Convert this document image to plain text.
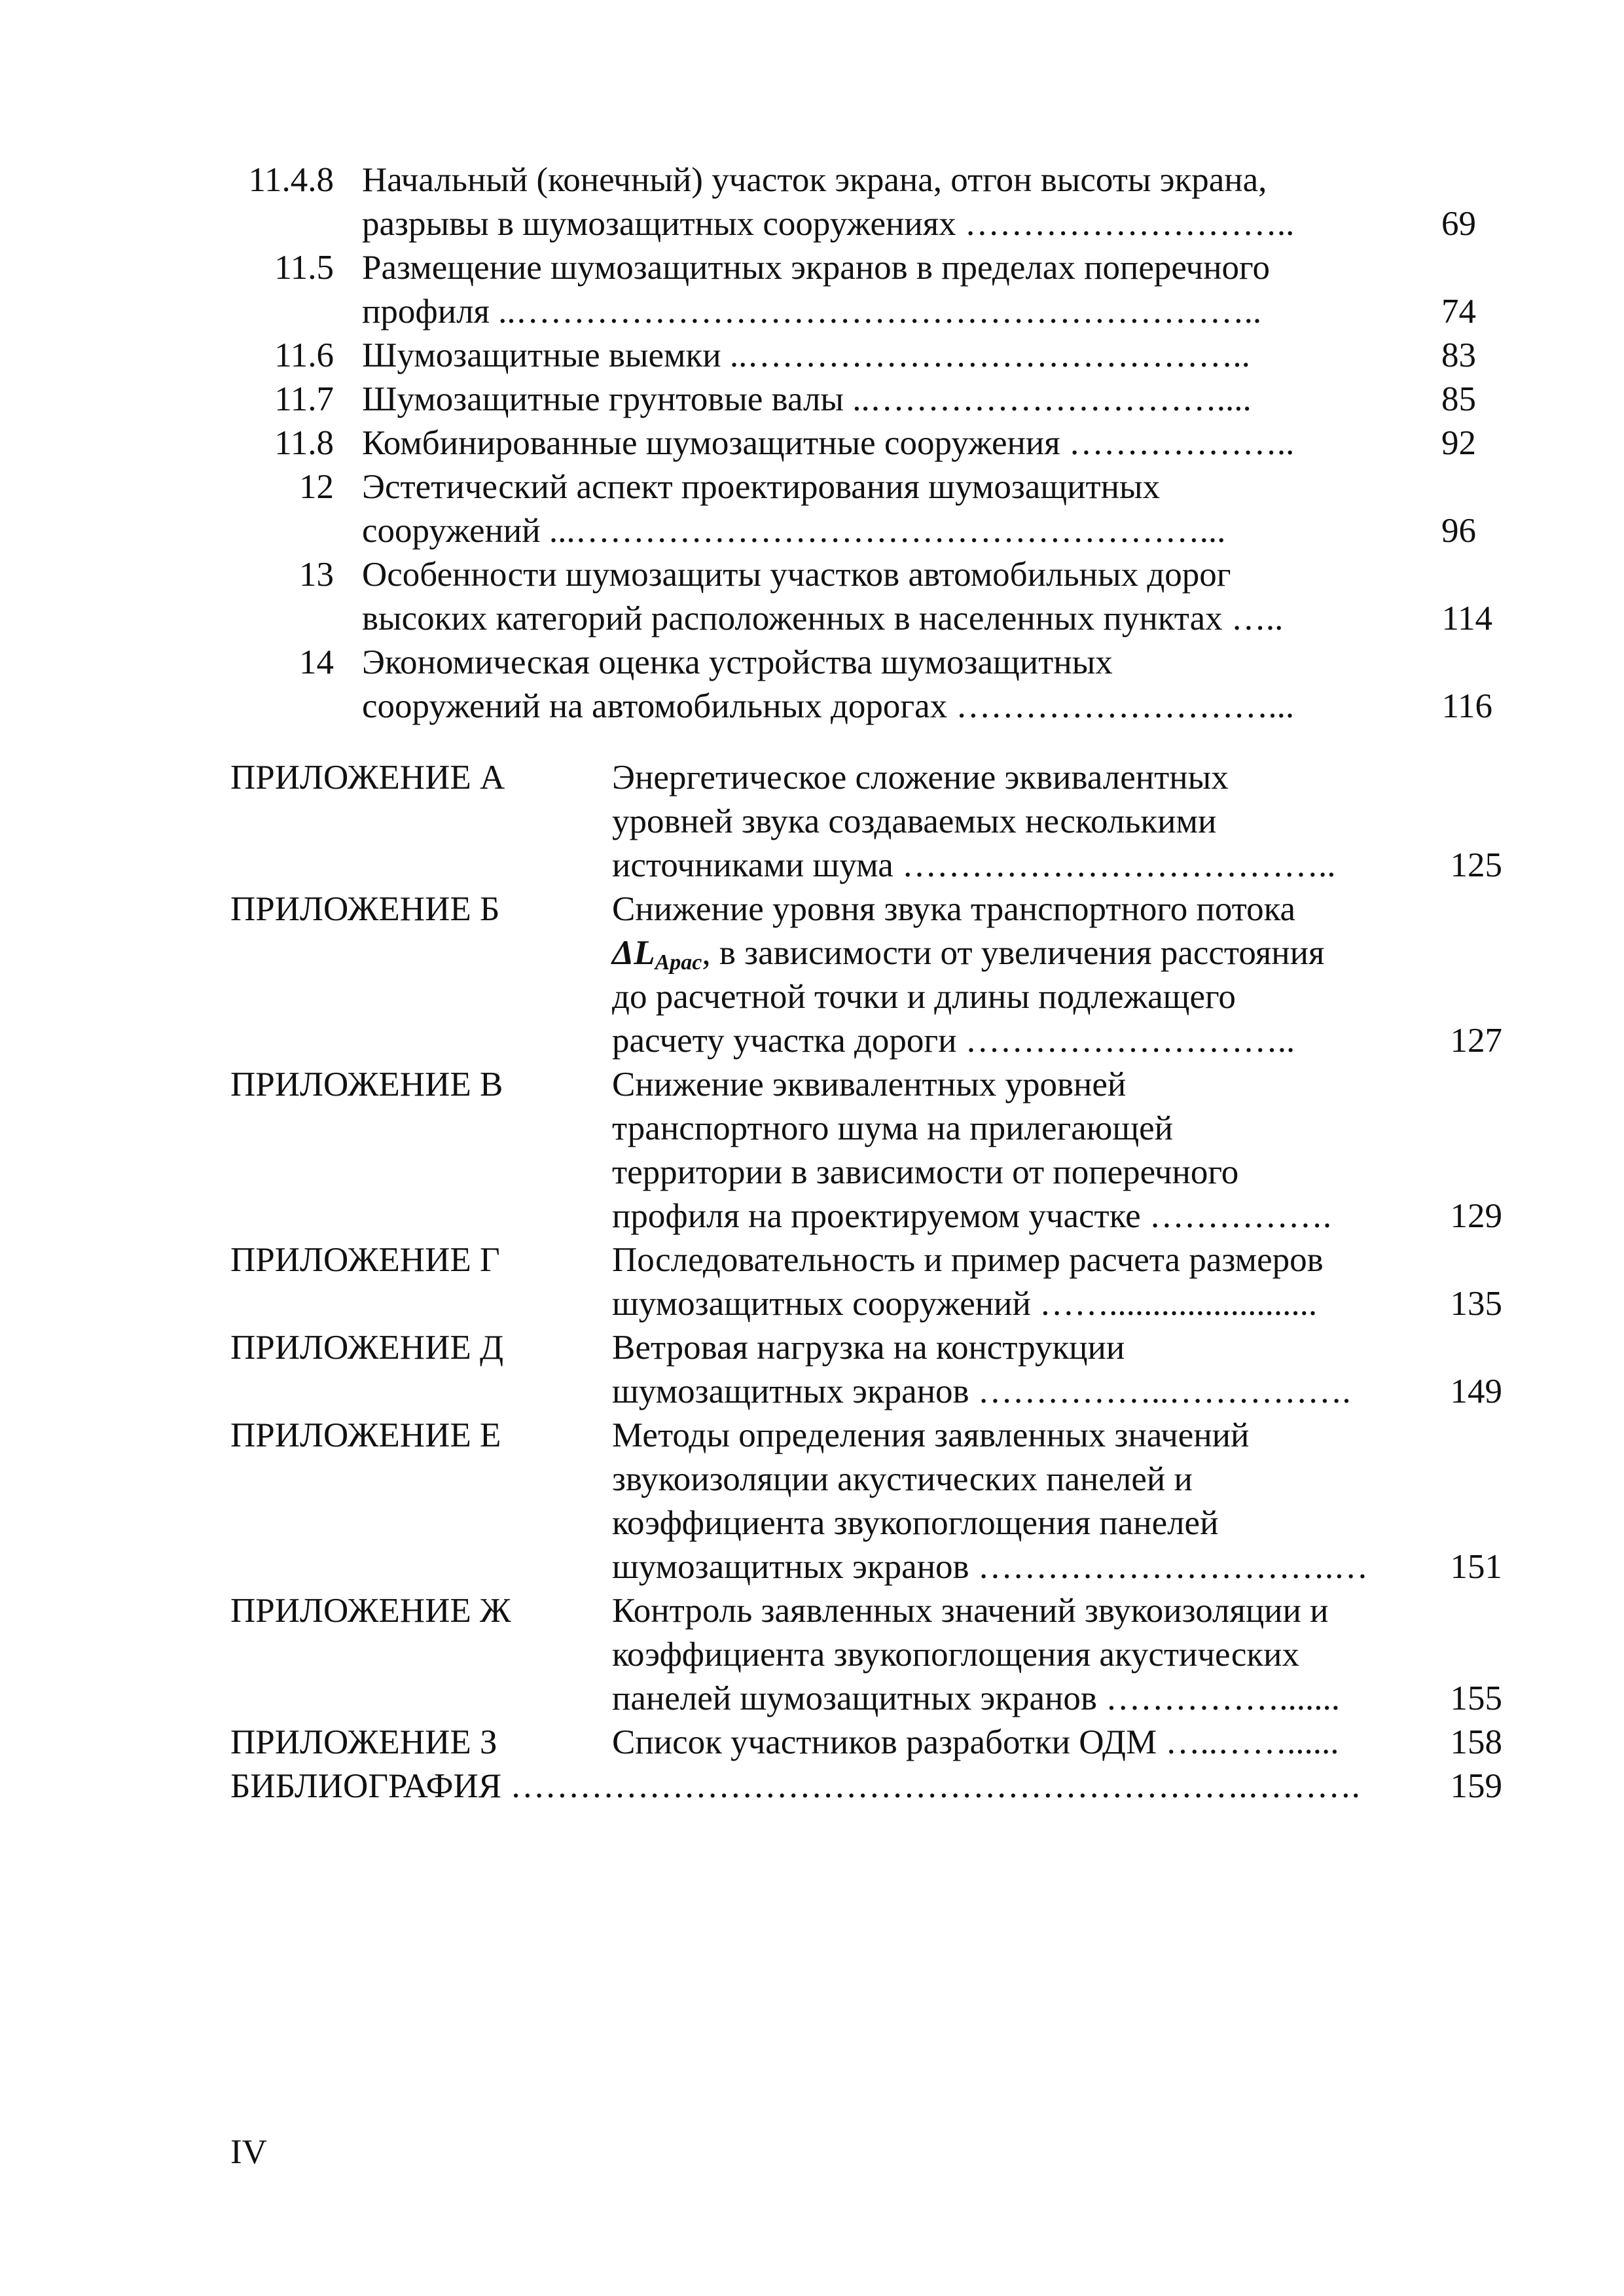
11.4.8 Начальный (конечный) участок экрана, отгон высоты экрана,
разрывы в шумозащитных сооружениях ………………………..	69
11.5 Размещение шумозащитных экранов в пределах поперечного
профиля ..………………………………………………………..	74
11.6 Шумозащитные выемки ..……………………………………..	83
11.7 Шумозащитные грунтовые валы ..…………………………....	85
11.8 Комбинированные шумозащитные сооружения ………………..	92
12 Эстетический аспект проектирования шумозащитных
сооружений ...………………………………………………...	96
13 Особенности шумозащиты участков автомобильных дорог
высоких категорий расположенных в населенных пунктах …..	114
14 Экономическая оценка устройства шумозащитных
сооружений на автомобильных дорогах ………………………...	116
ПРИЛОЖЕНИЕ А	Энергетическое сложение эквивалентных
уровней звука создаваемых несколькими
источниками шума ………………………………..	125
ПРИЛОЖЕНИЕ Б	Снижение уровня звука транспортного потока
$\Delta L_{Арас}$, в зависимости от увеличения расстояния
до расчетной точки и длины подлежащего
расчету участка дороги ………………………..	127
ПРИЛОЖЕНИЕ В	Снижение эквивалентных уровней
транспортного шума на прилегающей
территории в зависимости от поперечного
профиля на проектируемом участке …………….	129
ПРИЛОЖЕНИЕ Г	Последовательность и пример расчета размеров
шумозащитных сооружений ……........................	135
ПРИЛОЖЕНИЕ Д	Ветровая нагрузка на конструкции
шумозащитных экранов ……………..…………….	149
ПРИЛОЖЕНИЕ Е	Методы определения заявленных значений
звукоизоляции акустических панелей и
коэффициента звукопоглощения панелей
шумозащитных экранов ………………………….…	151
ПРИЛОЖЕНИЕ Ж	Контроль заявленных значений звукоизоляции и
коэффициента звукопоглощения акустических
панелей шумозащитных экранов …………….......	155
ПРИЛОЖЕНИЕ З	Список участников разработки ОДМ …..……......	158
БИБЛИОГРАФИЯ ……………………………………………………….……….	159
IV
